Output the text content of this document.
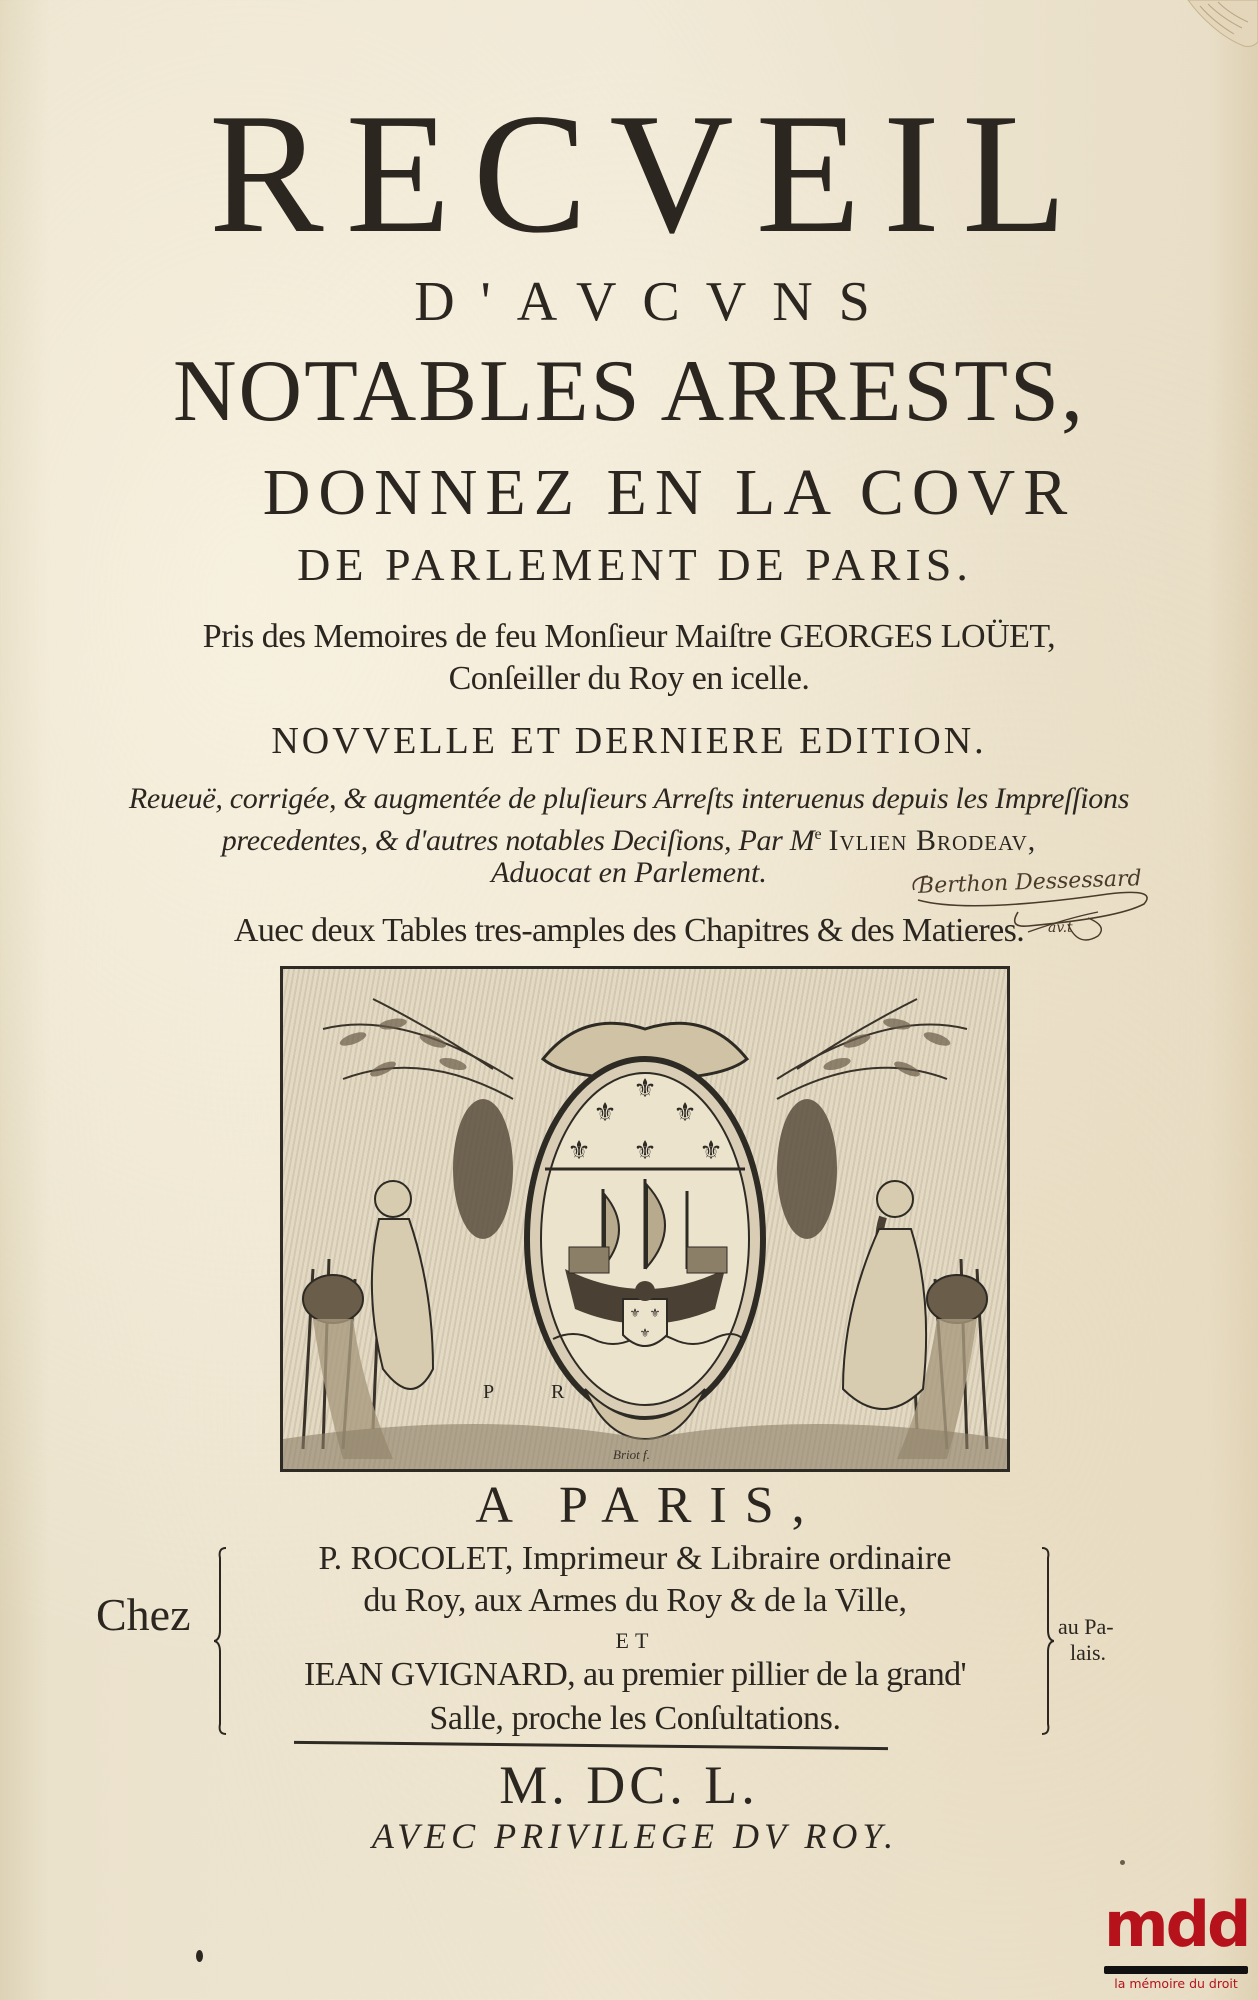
RECVEIL
D'AVCVNS
NOTABLES ARRESTS,
DONNEZ EN LA COVR
DE PARLEMENT DE PARIS.
Pris des Memoires de feu Monſieur Maiſtre GEORGES LOÜET,
Conſeiller du Roy en icelle.
NOVVELLE ET DERNIERE EDITION.
Reueuë, corrigée, & augmentée de pluſieurs Arreſts interuenus depuis les Impreſſions
precedentes, & d'autres notables Deciſions, Par Me Ivlien Brodeav,
Aduocat en Parlement.	Berthon Dessessard
av.t
Auec deux Tables tres-amples des Chapitres & des Matieres.
⚜
⚜ ⚜
⚜ ⚜ ⚜
⚜ ⚜
⚜
P	R
Briot f.
A PARIS,
Chez
P. ROCOLET, Imprimeur & Libraire ordinaire
du Roy, aux Armes du Roy & de la Ville,
ET
IEAN GVIGNARD, au premier pillier de la grand'
Salle, proche les Conſultations.
au Pa-
lais.
M. DC. L.
AVEC PRIVILEGE DV ROY.
mdd
la mémoire du droit
